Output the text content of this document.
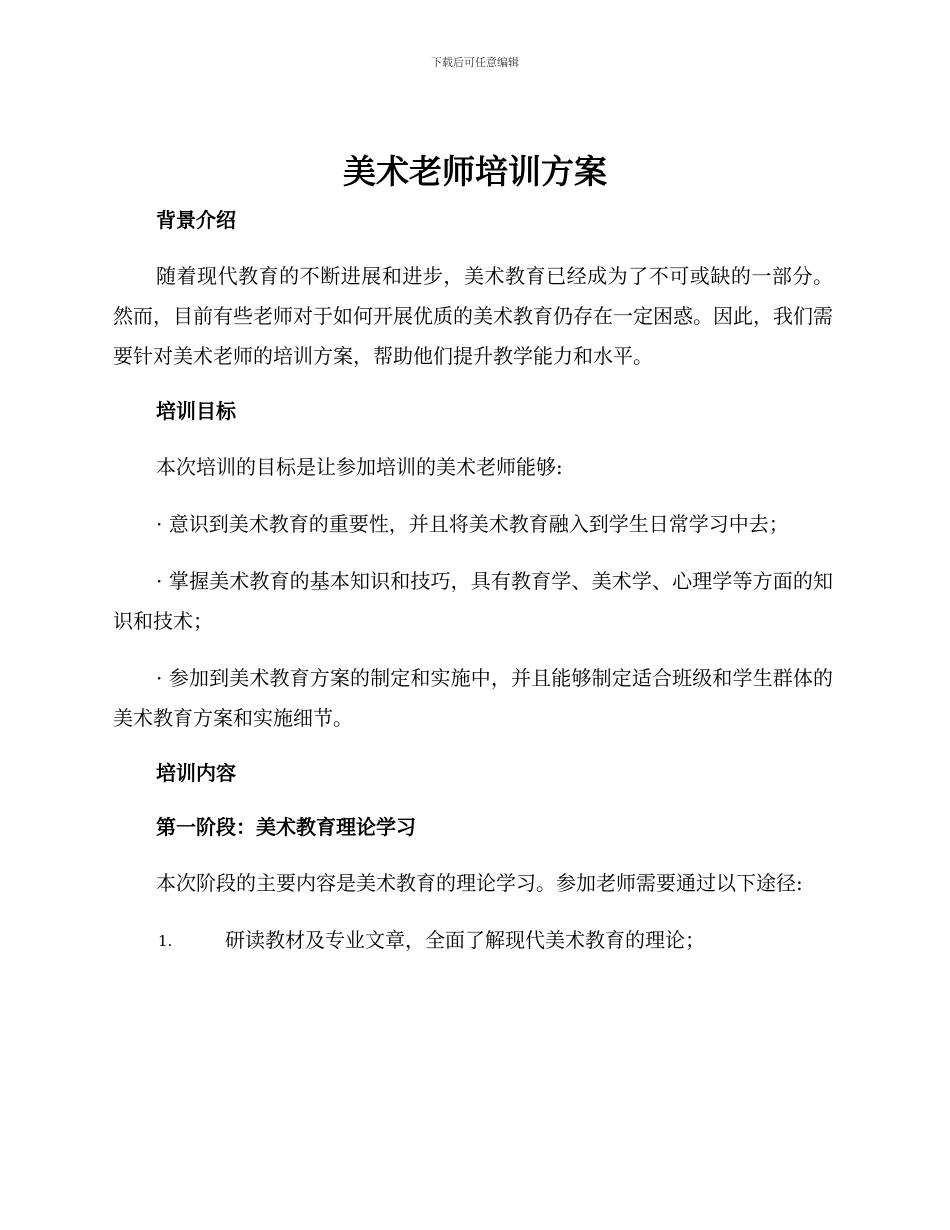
下载后可任意编辑
美术老师培训方案
背景介绍

随着现代教育的不断进展和进步，美术教育已经成为了不可或缺的一部分。然而，目前有些老师对于如何开展优质的美术教育仍存在一定困惑。因此，我们需要针对美术老师的培训方案，帮助他们提升教学能力和水平。

培训目标

本次培训的目标是让参加培训的美术老师能够:

· 意识到美术教育的重要性，并且将美术教育融入到学生日常学习中去；

· 掌握美术教育的基本知识和技巧，具有教育学、美术学、心理学等方面的知识和技术；

· 参加到美术教育方案的制定和实施中，并且能够制定适合班级和学生群体的美术教育方案和实施细节。

培训内容
第一阶段：美术教育理论学习

本次阶段的主要内容是美术教育的理论学习。参加老师需要通过以下途径:

1.	研读教材及专业文章，全面了解现代美术教育的理论；
